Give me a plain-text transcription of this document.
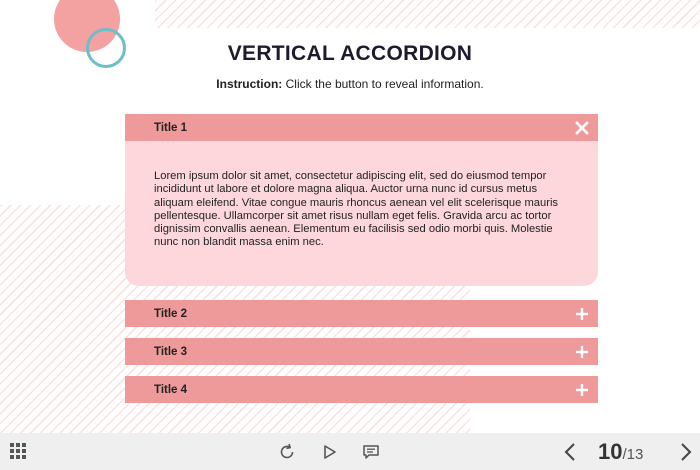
VERTICAL ACCORDION
Instruction: Click the button to reveal information.
Title 1

Lorem ipsum dolor sit amet, consectetur adipiscing elit, sed do eiusmod tempor incididunt ut labore et dolore magna aliqua. Auctor urna nunc id cursus metus aliquam eleifend. Vitae congue mauris rhoncus aenean vel elit scelerisque mauris pellentesque. Ullamcorper sit amet risus nullam eget felis. Gravida arcu ac tortor dignissim convallis aenean. Elementum eu facilisis sed odio morbi quis. Molestie nunc non blandit massa enim nec.

Title 2
Title 3
Title 4
10 / 13
